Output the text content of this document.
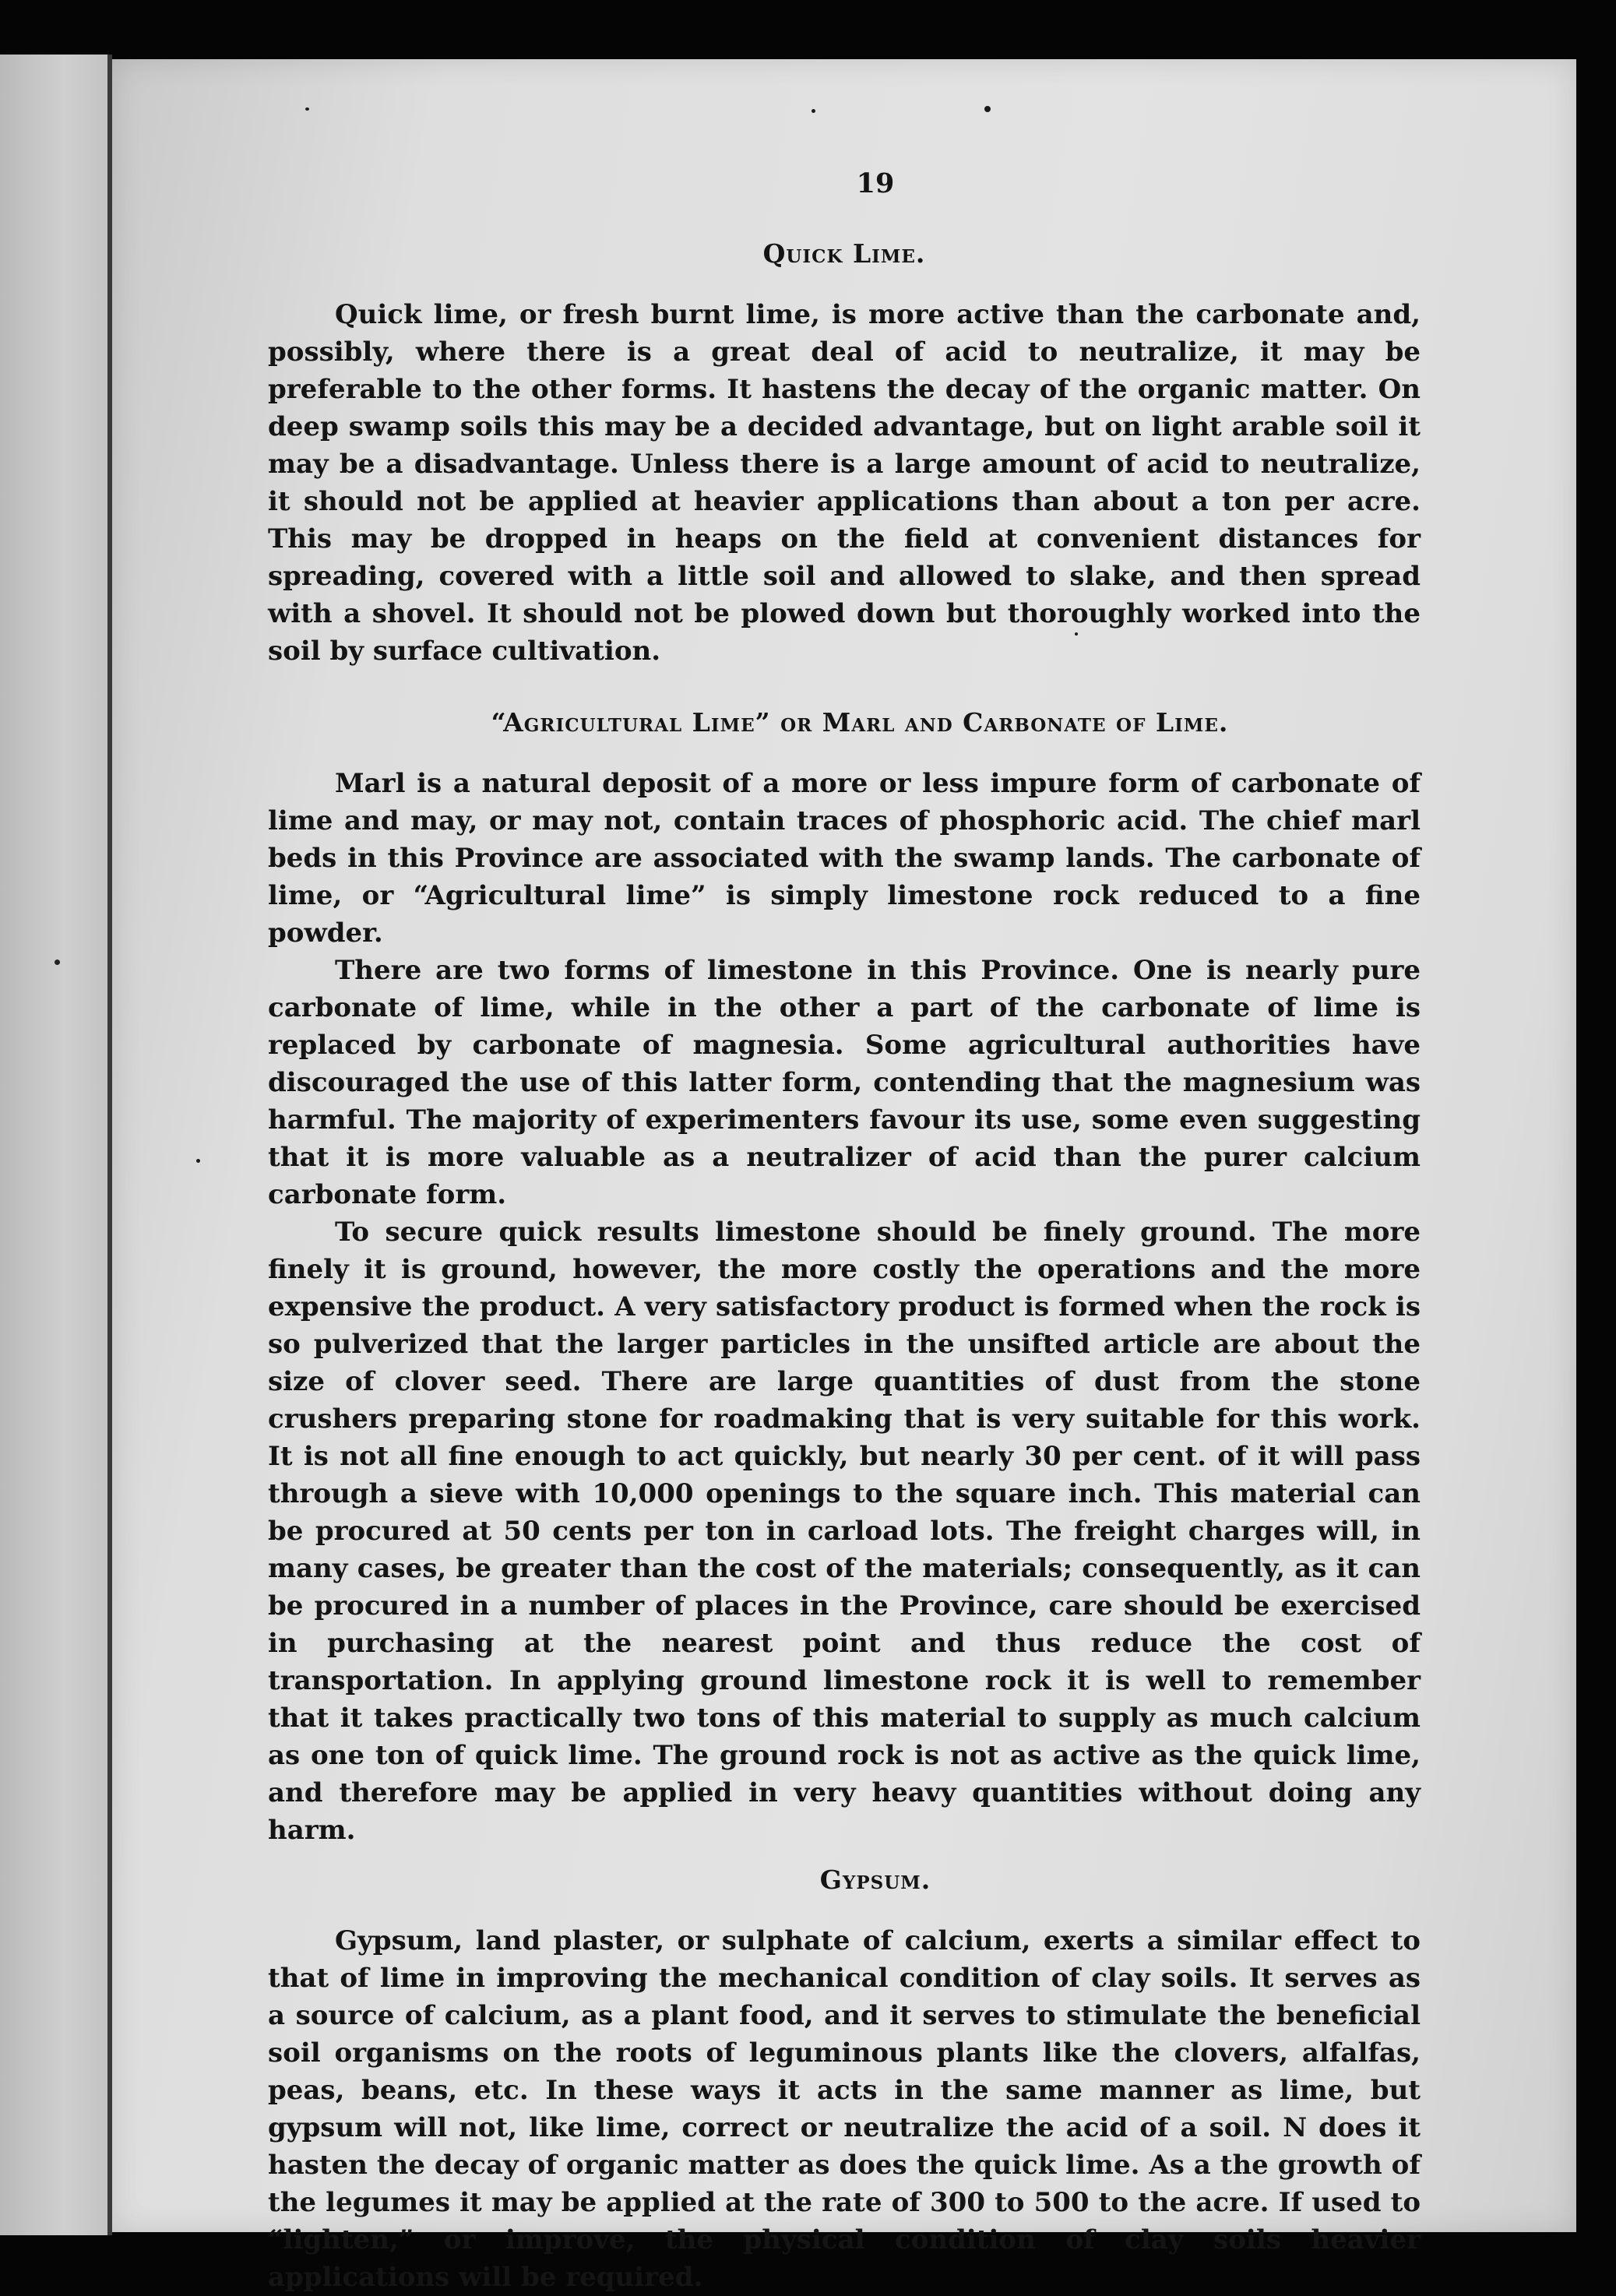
19
Quick Lime.

Quick lime, or fresh burnt lime, is more active than the carbonate and, possibly, where there is a great deal of acid to neutralize, it may be preferable to the other forms. It hastens the decay of the organic matter. On deep swamp soils this may be a decided advantage, but on light arable soil it may be a disadvantage. Unless there is a large amount of acid to neutralize, it should not be applied at heavier applications than about a ton per acre. This may be dropped in heaps on the field at convenient distances for spreading, covered with a little soil and allowed to slake, and then spread with a shovel. It should not be plowed down but thoroughly worked into the soil by surface cultivation.

“Agricultural Lime” or Marl and Carbonate of Lime.

Marl is a natural deposit of a more or less impure form of carbonate of lime and may, or may not, contain traces of phosphoric acid. The chief marl beds in this Province are associated with the swamp lands. The carbonate of lime, or “Agricultural lime” is simply limestone rock reduced to a fine powder.

There are two forms of limestone in this Province. One is nearly pure carbonate of lime, while in the other a part of the carbonate of lime is replaced by carbonate of magnesia. Some agricultural authorities have discouraged the use of this latter form, contending that the magnesium was harmful. The majority of experimenters favour its use, some even suggesting that it is more valuable as a neutralizer of acid than the purer calcium carbonate form.

To secure quick results limestone should be finely ground. The more finely it is ground, however, the more costly the operations and the more expensive the product. A very satisfactory product is formed when the rock is so pulverized that the larger particles in the unsifted article are about the size of clover seed. There are large quantities of dust from the stone crushers preparing stone for roadmaking that is very suitable for this work. It is not all fine enough to act quickly, but nearly 30 per cent. of it will pass through a sieve with 10,000 openings to the square inch. This material can be procured at 50 cents per ton in carload lots. The freight charges will, in many cases, be greater than the cost of the materials; consequently, as it can be procured in a number of places in the Province, care should be exercised in purchasing at the nearest point and thus reduce the cost of transportation. In applying ground limestone rock it is well to remember that it takes practically two tons of this material to supply as much calcium as one ton of quick lime. The ground rock is not as active as the quick lime, and therefore may be applied in very heavy quantities without doing any harm.

Gypsum.

Gypsum, land plaster, or sulphate of calcium, exerts a similar effect to that of lime in improving the mechanical condition of clay soils. It serves as a source of calcium, as a plant food, and it serves to stimulate the beneficial soil organisms on the roots of leguminous plants like the clovers, alfalfas, peas, beans, etc. In these ways it acts in the same manner as lime, but gypsum will not, like lime, correct or neutralize the acid of a soil. N does it hasten the decay of organic matter as does the quick lime. As a the growth of the legumes it may be applied at the rate of 300 to 500 to the acre. If used to “lighten,” or improve, the physical condition of clay soils heavier applications will be required.
